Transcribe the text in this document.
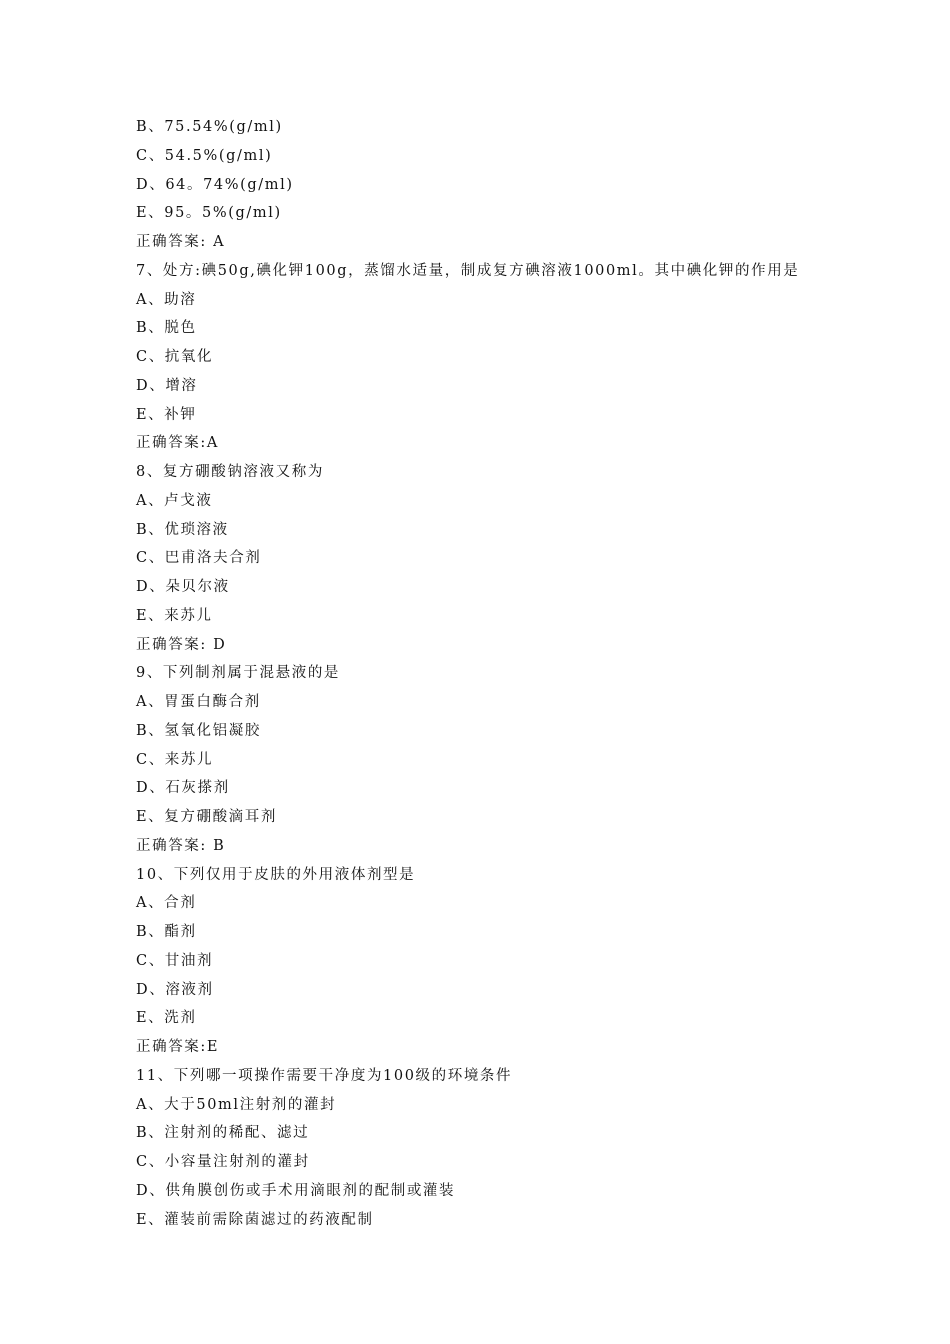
B、75.54%(g/ml)
C、54.5%(g/ml)
D、64。74%(g/ml)
E、95。5%(g/ml)
正确答案: A
7、处方:碘50g,碘化钾100g，蒸馏水适量，制成复方碘溶液1000ml。其中碘化钾的作用是
A、助溶
B、脱色
C、抗氧化
D、增溶
E、补钾
正确答案:A
8、复方硼酸钠溶液又称为
A、卢戈液
B、优琐溶液
C、巴甫洛夫合剂
D、朵贝尔液
E、来苏儿
正确答案: D
9、下列制剂属于混悬液的是
A、胃蛋白酶合剂
B、氢氧化铝凝胶
C、来苏儿
D、石灰搽剂
E、复方硼酸滴耳剂
正确答案: B
10、下列仅用于皮肤的外用液体剂型是
A、合剂
B、酯剂
C、甘油剂
D、溶液剂
E、洗剂
正确答案:E
11、下列哪一项操作需要干净度为100级的环境条件
A、大于50ml注射剂的灌封
B、注射剂的稀配、滤过
C、小容量注射剂的灌封
D、供角膜创伤或手术用滴眼剂的配制或灌装
E、灌装前需除菌滤过的药液配制
